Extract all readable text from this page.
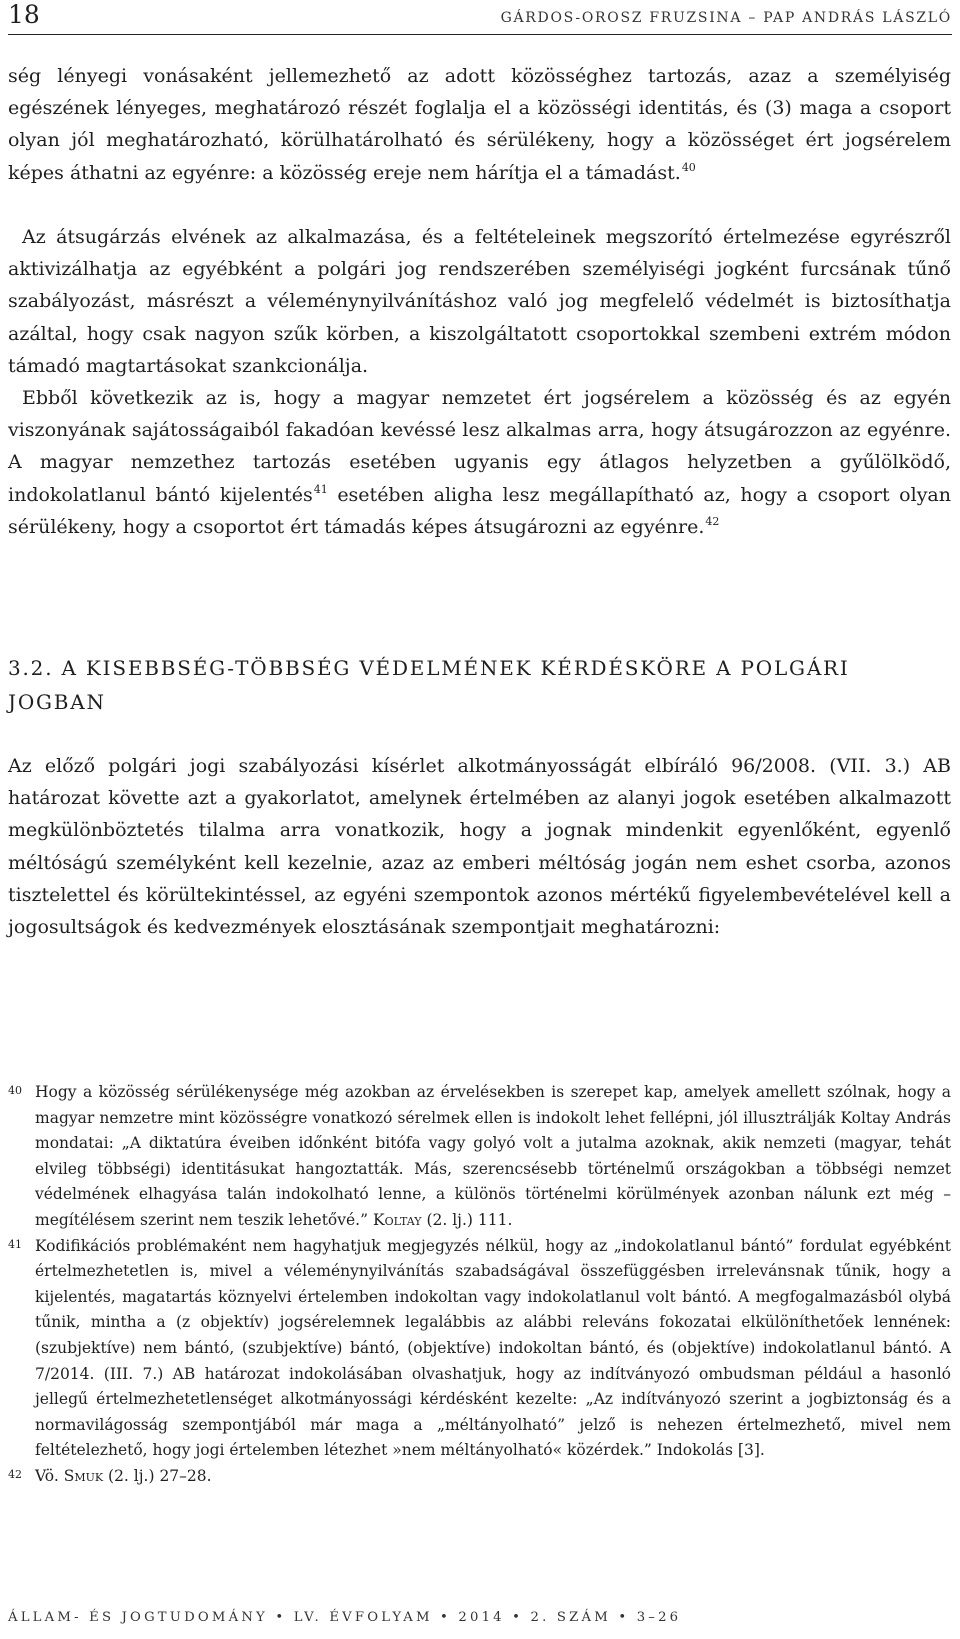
18	GÁRDOS-OROSZ FRUZSINA – PAP ANDRÁS LÁSZLÓ

ség lényegi vonásaként jellemezhető az adott közösséghez tartozás, azaz a személyiség egészének lényeges, meghatározó részét foglalja el a közösségi identitás, és (3) maga a csoport olyan jól meghatározható, körülhatárolható és sérülékeny, hogy a közösséget ért jogsérelem képes áthatni az egyénre: a közösség ereje nem hárítja el a támadást.$^{40}$

Az átsugárzás elvének az alkalmazása, és a feltételeinek megszorító értelmezése egyrészről aktivizálhatja az egyébként a polgári jog rendszerében személyiségi jogként furcsának tűnő szabályozást, másrészt a véleménynyilvánításhoz való jog megfelelő védelmét is biztosíthatja azáltal, hogy csak nagyon szűk körben, a kiszolgáltatott csoportokkal szembeni extrém módon támadó magtartásokat szankcionálja.

Ebből következik az is, hogy a magyar nemzetet ért jogsérelem a közösség és az egyén viszonyának sajátosságaiból fakadóan kevéssé lesz alkalmas arra, hogy átsugározzon az egyénre. A magyar nemzethez tartozás esetében ugyanis egy átlagos helyzetben a gyűlölködő, indokolatlanul bántó kijelentés$^{41}$ esetében aligha lesz megállapítható az, hogy a csoport olyan sérülékeny, hogy a csoportot ért támadás képes átsugározni az egyénre.$^{42}$

3.2. A KISEBBSÉG-TÖBBSÉG VÉDELMÉNEK KÉRDÉSKÖRE A POLGÁRI JOGBAN

Az előző polgári jogi szabályozási kísérlet alkotmányosságát elbíráló 96/2008. (VII. 3.) AB határozat követte azt a gyakorlatot, amelynek értelmében az alanyi jogok esetében alkalmazott megkülönböztetés tilalma arra vonatkozik, hogy a jognak mindenkit egyenlőként, egyenlő méltóságú személyként kell kezelnie, azaz az emberi méltóság jogán nem eshet csorba, azonos tisztelettel és körültekintéssel, az egyéni szempontok azonos mértékű figyelembevételével kell a jogosultságok és kedvezmények elosztásának szempontjait meghatározni:

40 Hogy a közösség sérülékenysége még azokban az érvelésekben is szerepet kap, amelyek amellett szólnak, hogy a magyar nemzetre mint közösségre vonatkozó sérelmek ellen is indokolt lehet fellépni, jól illusztrálják Koltay András mondatai: „A diktatúra éveiben időnként bitófa vagy golyó volt a jutalma azoknak, akik nemzeti (magyar, tehát elvileg többségi) identitásukat hangoztatták. Más, szerencsésebb történelmű országokban a többségi nemzet védelmének elhagyása talán indokolható lenne, a különös történelmi körülmények azonban nálunk ezt még – megítélésem szerint nem teszik lehetővé.” Koltay (2. lj.) 111.

41 Kodifikációs problémaként nem hagyhatjuk megjegyzés nélkül, hogy az „indokolatlanul bántó” fordulat egyébként értelmezhetetlen is, mivel a véleménynyilvánítás szabadságával összefüggésben irrelevánsnak tűnik, hogy a kijelentés, magatartás köznyelvi értelemben indokoltan vagy indokolatlanul volt bántó. A megfogalmazásból olybá tűnik, mintha a (z objektív) jogsérelemnek legalábbis az alábbi releváns fokozatai elkülöníthetőek lennének: (szubjektíve) nem bántó, (szubjektíve) bántó, (objektíve) indokoltan bántó, és (objektíve) indokolatlanul bántó. A 7/2014. (III. 7.) AB határozat indokolásában olvashatjuk, hogy az indítványozó ombudsman például a hasonló jellegű értelmezhetetlenséget alkotmányossági kérdésként kezelte: „Az indítványozó szerint a jogbiztonság és a normavilágosság szempontjából már maga a „méltányolható” jelző is nehezen értelmezhető, mivel nem feltételezhető, hogy jogi értelemben létezhet »nem méltányolható« közérdek.” Indokolás [3].

42 Vö. Smuk (2. lj.) 27–28.

ÁLLAM- ÉS JOGTUDOMÁNY • LV. ÉVFOLYAM • 2014 • 2. SZÁM • 3–26
